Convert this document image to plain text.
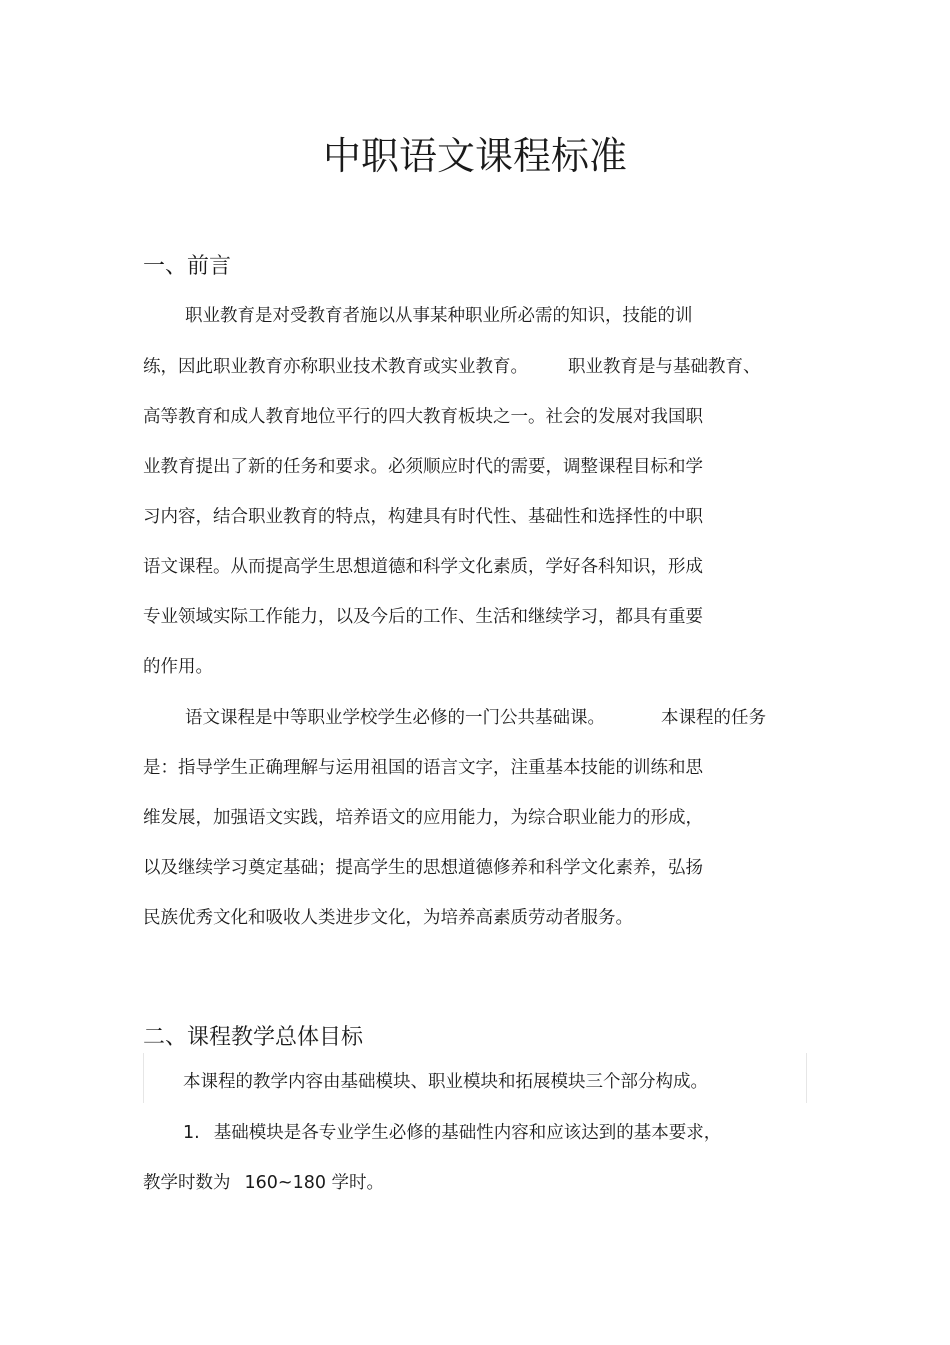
中职语文课程标准
一、前言

职业教育是对受教育者施以从事某种职业所必需的知识，技能的训

练，因此职业教育亦称职业技术教育或实业教育。 职业教育是与基础教育、

高等教育和成人教育地位平行的四大教育板块之一。社会的发展对我国职

业教育提出了新的任务和要求。必须顺应时代的需要，调整课程目标和学

习内容，结合职业教育的特点，构建具有时代性、基础性和选择性的中职

语文课程。从而提高学生思想道德和科学文化素质，学好各科知识，形成

专业领域实际工作能力，以及今后的工作、生活和继续学习，都具有重要

的作用。

语文课程是中等职业学校学生必修的一门公共基础课。	本课程的任务

是：指导学生正确理解与运用祖国的语言文字，注重基本技能的训练和思

维发展，加强语文实践，培养语文的应用能力，为综合职业能力的形成，

以及继续学习奠定基础；提高学生的思想道德修养和科学文化素养，弘扬

民族优秀文化和吸收人类进步文化，为培养高素质劳动者服务。

二、课程教学总体目标

本课程的教学内容由基础模块、职业模块和拓展模块三个部分构成。

1. 基础模块是各专业学生必修的基础性内容和应该达到的基本要求，

教学时数为 160~180 学时。
